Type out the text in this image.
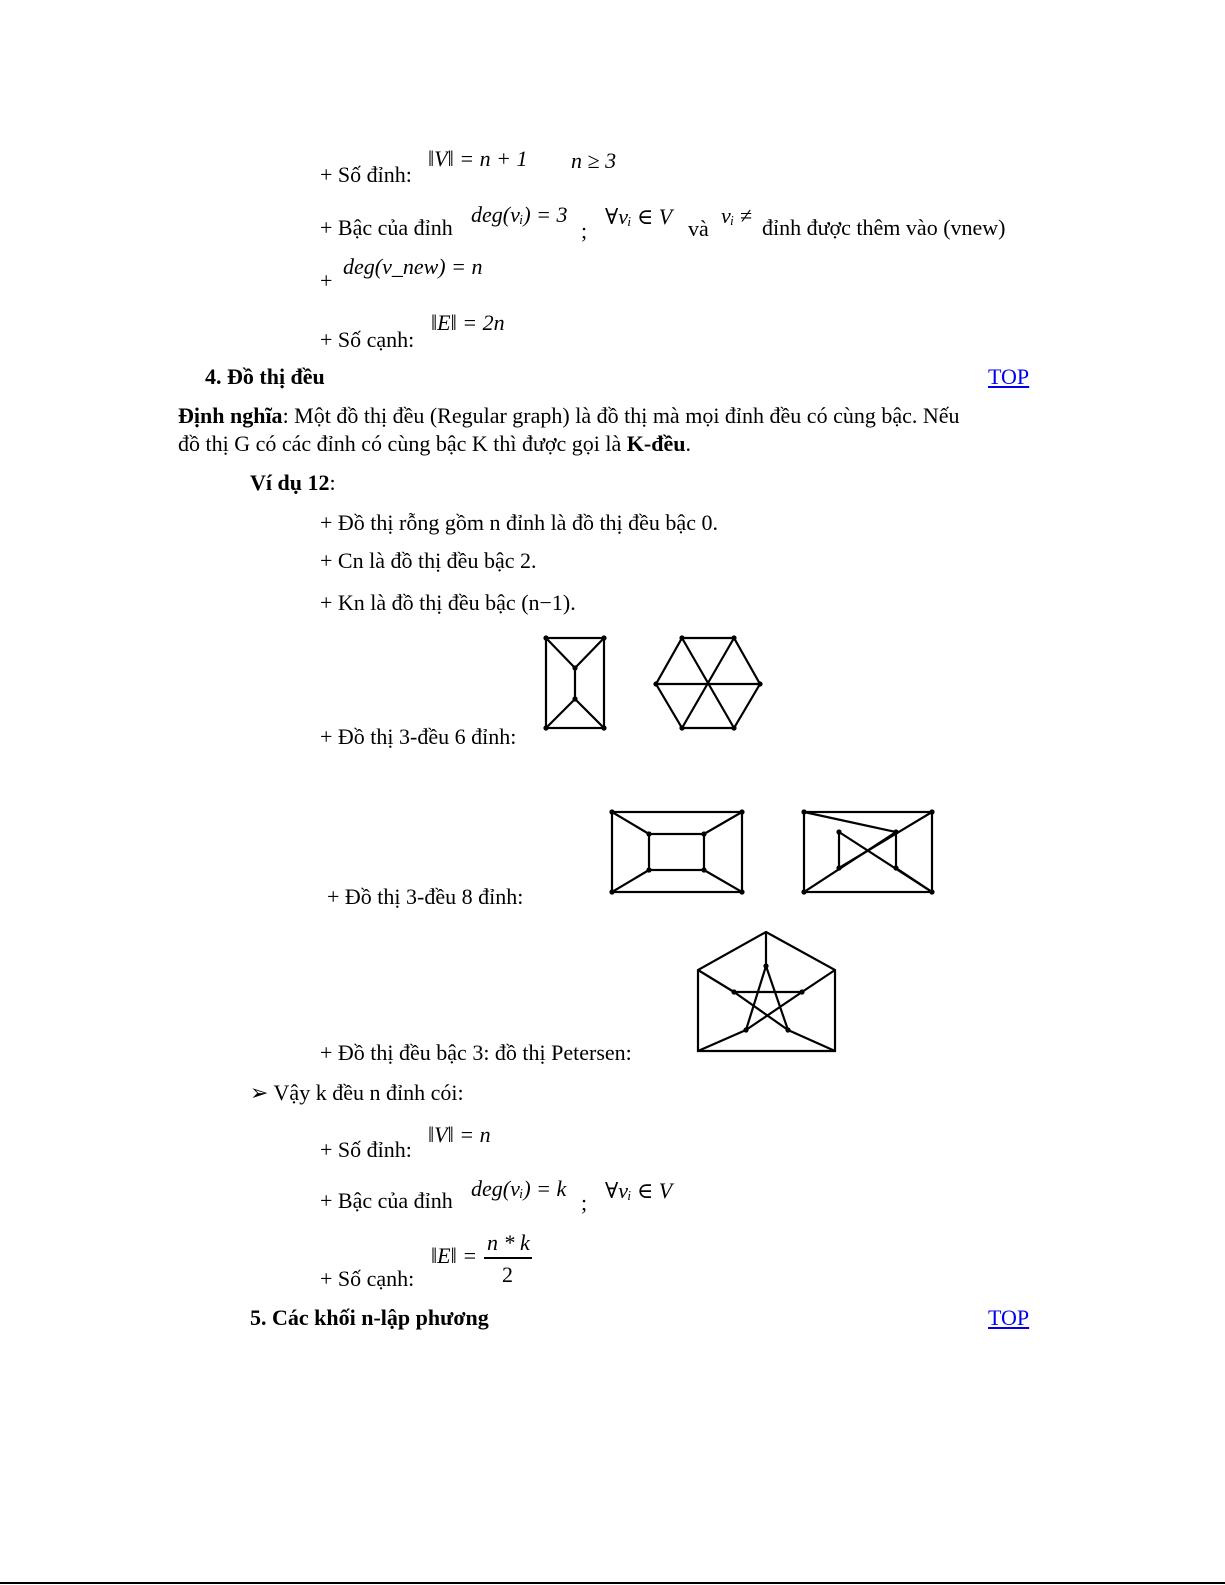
+ Số đỉnh:
‖V‖ = n + 1 n ≥ 3
+ Bậc của đỉnh
deg(vᵢ) = 3
;
∀vᵢ ∈ V và
vᵢ ≠ đỉnh được thêm vào (vnew)
+
deg(v_new) = n
+ Số cạnh:
‖E‖ = 2n
4. Đồ thị đều	TOP
Định nghĩa: Một đồ thị đều (Regular graph) là đồ thị mà mọi đỉnh đều có cùng bậc. Nếu
đồ thị G có các đỉnh có cùng bậc K thì được gọi là K-đều.
Ví dụ 12:
+ Đồ thị rỗng gồm n đỉnh là đồ thị đều bậc 0.
+ Cn là đồ thị đều bậc 2.
+ Kn là đồ thị đều bậc (n−1).
+ Đồ thị 3-đều 6 đỉnh:
+ Đồ thị 3-đều 8 đỉnh:
+ Đồ thị đều bậc 3: đồ thị Petersen:
➢ Vậy k đều n đỉnh cói:
+ Số đỉnh:
‖V‖ = n
+ Bậc của đỉnh deg(vᵢ) = k
; ∀vᵢ ∈ V
+ Số cạnh:
‖E‖ =
n * k
2
5. Các khối n-lập phương	TOP
